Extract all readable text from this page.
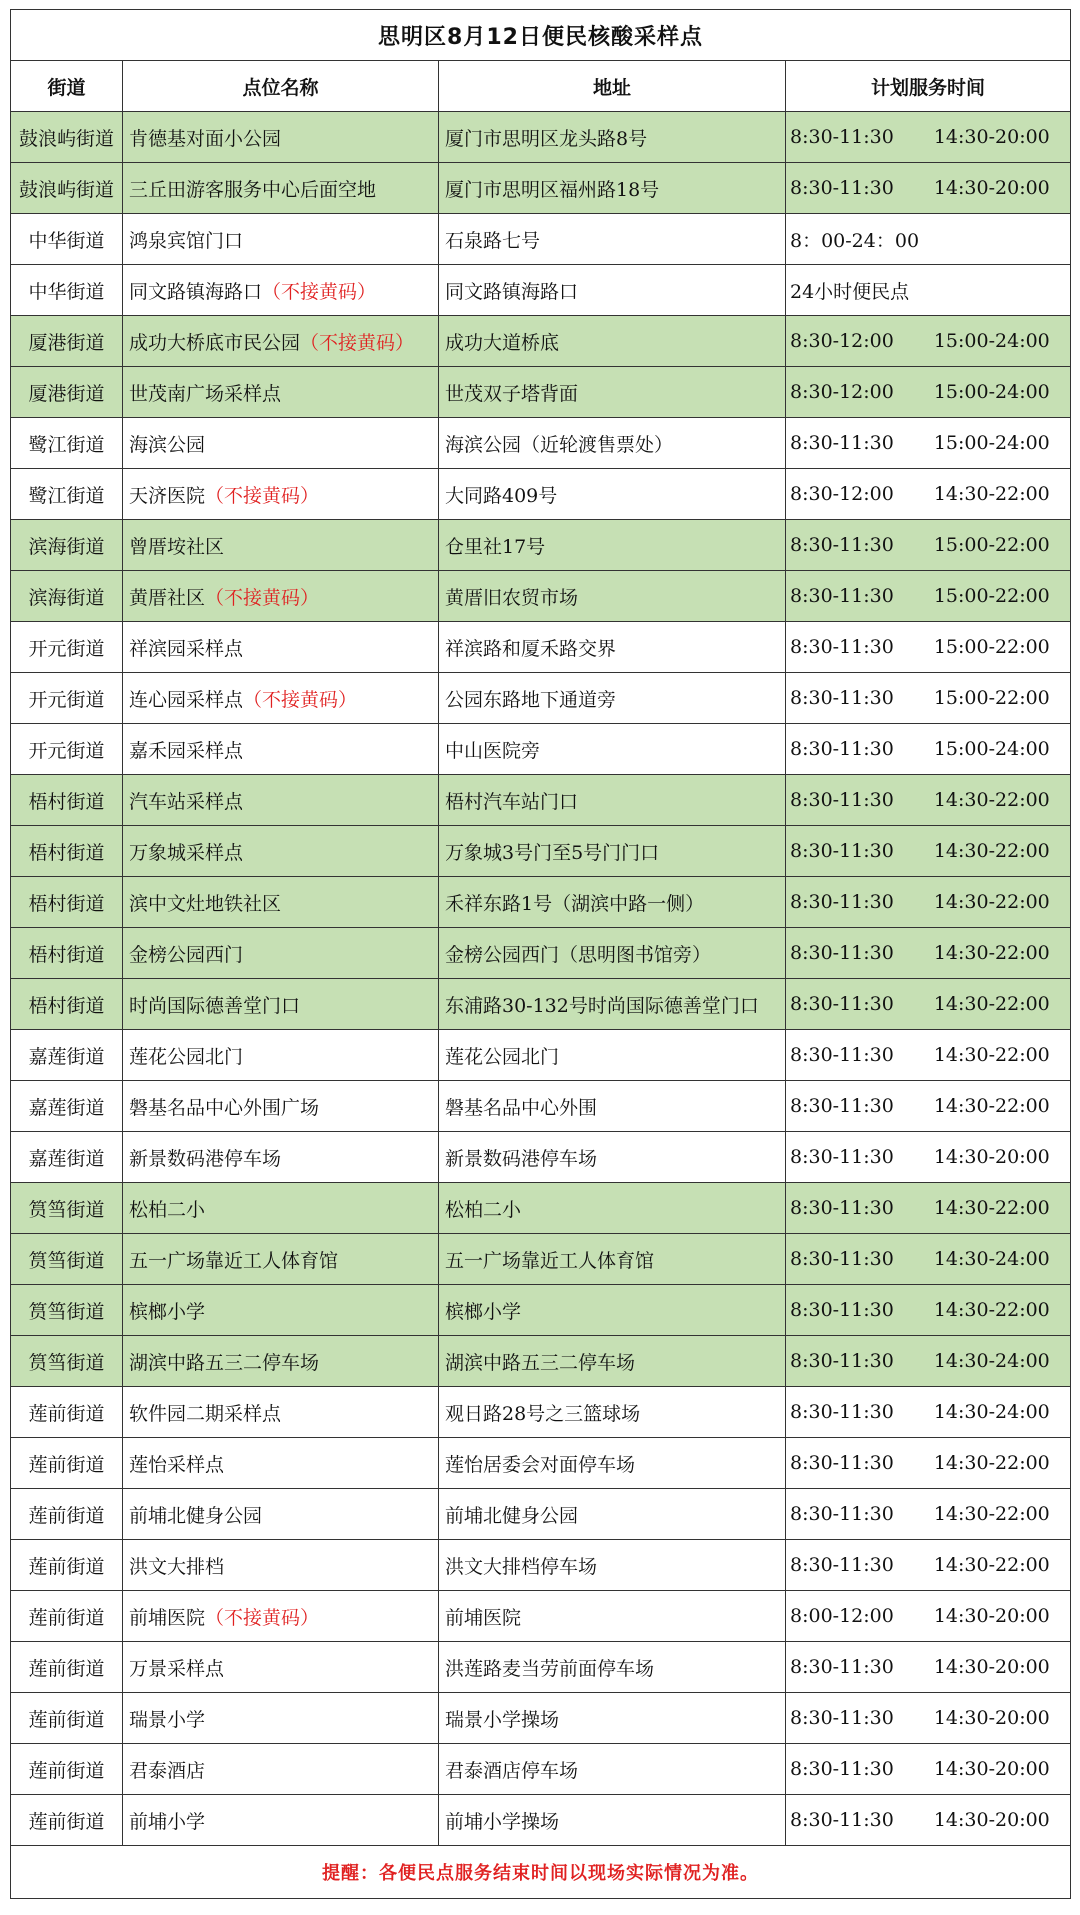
思明区8月12日便民核酸采样点			
街道	点位名称	地址	计划服务时间
鼓浪屿街道	肯德基对面小公园	厦门市思明区龙头路8号	8:30-11:30 14:30-20:00
鼓浪屿街道	三丘田游客服务中心后面空地	厦门市思明区福州路18号	8:30-11:30 14:30-20:00
中华街道	鸿泉宾馆门口	石泉路七号	8：00-24：00
中华街道	同文路镇海路口（不接黄码）	同文路镇海路口	24小时便民点
厦港街道	成功大桥底市民公园（不接黄码）	成功大道桥底	8:30-12:00 15:00-24:00
厦港街道	世茂南广场采样点	世茂双子塔背面	8:30-12:00 15:00-24:00
鹭江街道	海滨公园	海滨公园（近轮渡售票处）	8:30-11:30 15:00-24:00
鹭江街道	天济医院（不接黄码）	大同路409号	8:30-12:00 14:30-22:00
滨海街道	曾厝垵社区	仓里社17号	8:30-11:30 15:00-22:00
滨海街道	黄厝社区（不接黄码）	黄厝旧农贸市场	8:30-11:30 15:00-22:00
开元街道	祥滨园采样点	祥滨路和厦禾路交界	8:30-11:30 15:00-22:00
开元街道	连心园采样点（不接黄码）	公园东路地下通道旁	8:30-11:30 15:00-22:00
开元街道	嘉禾园采样点	中山医院旁	8:30-11:30 15:00-24:00
梧村街道	汽车站采样点	梧村汽车站门口	8:30-11:30 14:30-22:00
梧村街道	万象城采样点	万象城3号门至5号门门口	8:30-11:30 14:30-22:00
梧村街道	滨中文灶地铁社区	禾祥东路1号（湖滨中路一侧）	8:30-11:30 14:30-22:00
梧村街道	金榜公园西门	金榜公园西门（思明图书馆旁）	8:30-11:30 14:30-22:00
梧村街道	时尚国际德善堂门口	东浦路30-132号时尚国际德善堂门口	8:30-11:30 14:30-22:00
嘉莲街道	莲花公园北门	莲花公园北门	8:30-11:30 14:30-22:00
嘉莲街道	磐基名品中心外围广场	磐基名品中心外围	8:30-11:30 14:30-22:00
嘉莲街道	新景数码港停车场	新景数码港停车场	8:30-11:30 14:30-20:00
筼筜街道	松柏二小	松柏二小	8:30-11:30 14:30-22:00
筼筜街道	五一广场靠近工人体育馆	五一广场靠近工人体育馆	8:30-11:30 14:30-24:00
筼筜街道	槟榔小学	槟榔小学	8:30-11:30 14:30-22:00
筼筜街道	湖滨中路五三二停车场	湖滨中路五三二停车场	8:30-11:30 14:30-24:00
莲前街道	软件园二期采样点	观日路28号之三篮球场	8:30-11:30 14:30-24:00
莲前街道	莲怡采样点	莲怡居委会对面停车场	8:30-11:30 14:30-22:00
莲前街道	前埔北健身公园	前埔北健身公园	8:30-11:30 14:30-22:00
莲前街道	洪文大排档	洪文大排档停车场	8:30-11:30 14:30-22:00
莲前街道	前埔医院（不接黄码）	前埔医院	8:00-12:00 14:30-20:00
莲前街道	万景采样点	洪莲路麦当劳前面停车场	8:30-11:30 14:30-20:00
莲前街道	瑞景小学	瑞景小学操场	8:30-11:30 14:30-20:00
莲前街道	君泰酒店	君泰酒店停车场	8:30-11:30 14:30-20:00
莲前街道	前埔小学	前埔小学操场	8:30-11:30 14:30-20:00
提醒：各便民点服务结束时间以现场实际情况为准。			
